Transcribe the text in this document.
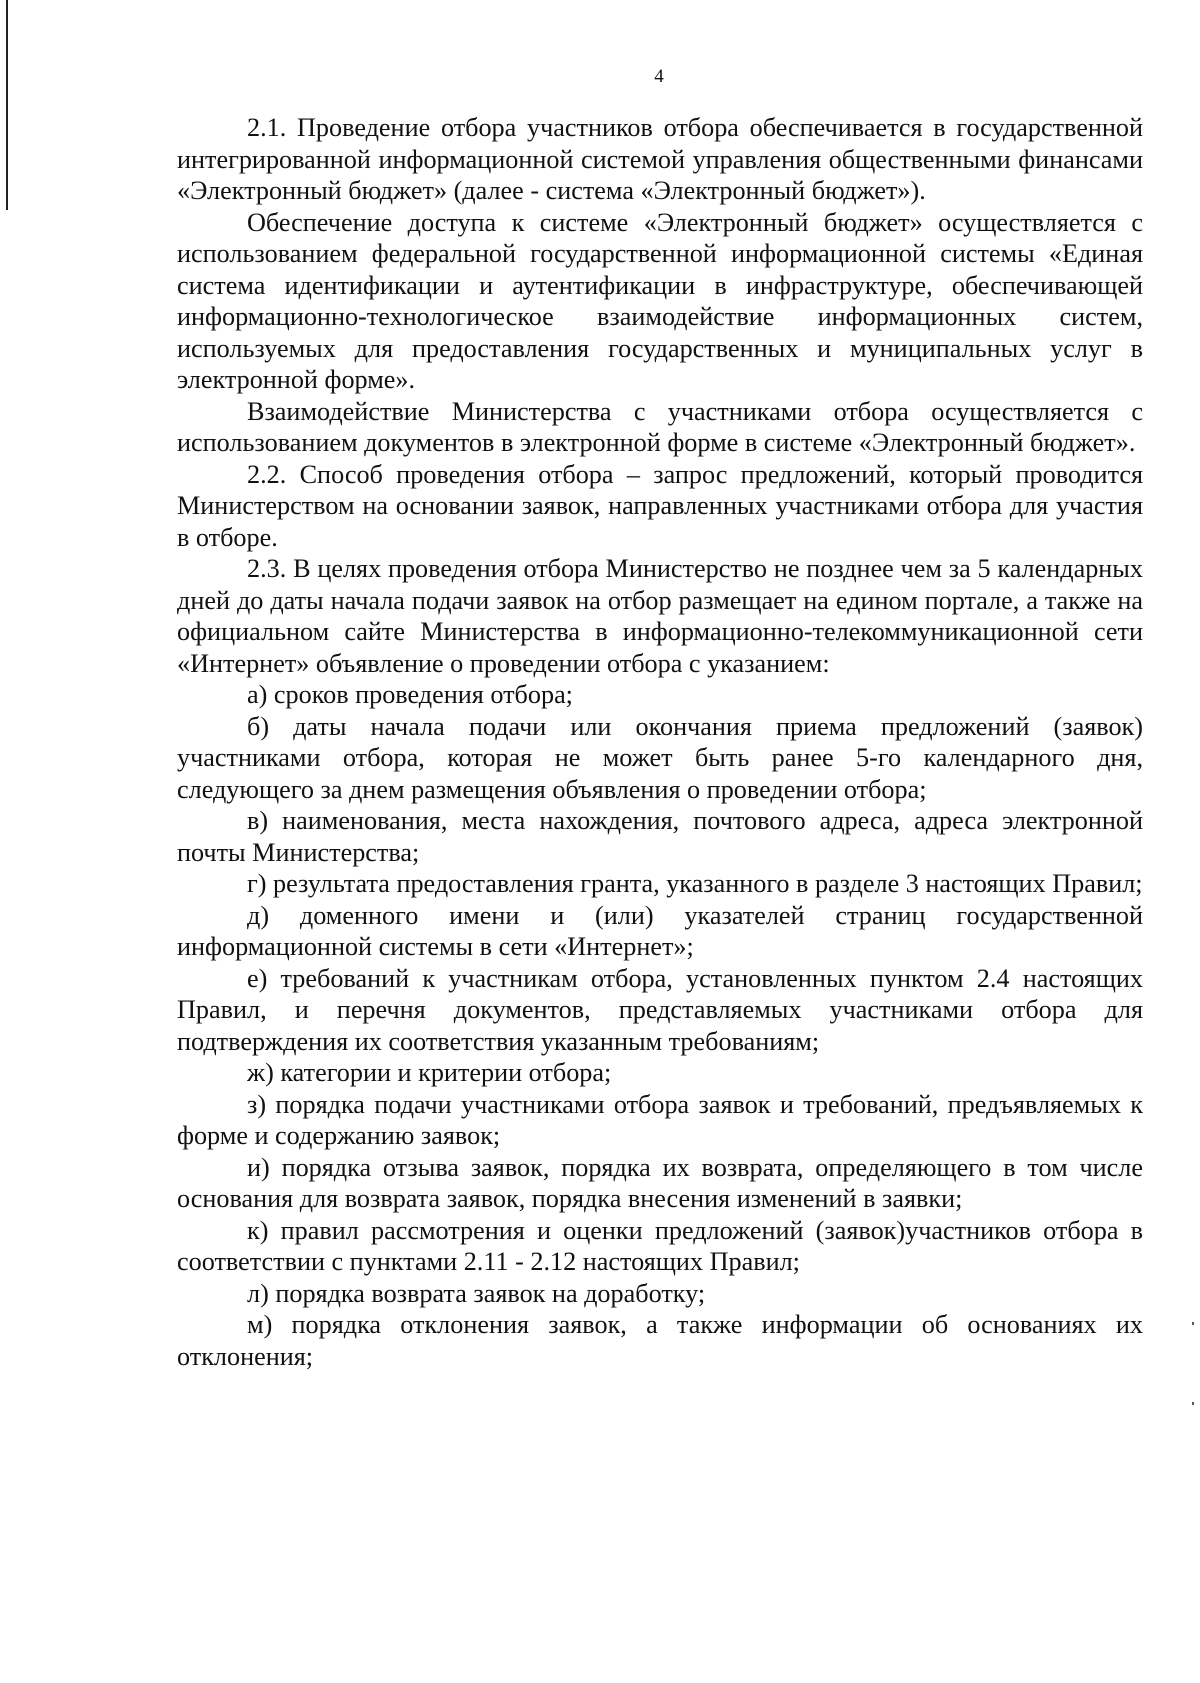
4

2.1. Проведение отбора участников отбора обеспечивается в государственной интегрированной информационной системой управления общественными финансами «Электронный бюджет» (далее - система «Электронный бюджет»).

Обеспечение доступа к системе «Электронный бюджет» осуществляется с использованием федеральной государственной информационной системы «Единая система идентификации и аутентификации в инфраструктуре, обеспечивающей информационно-технологическое взаимодействие информационных систем, используемых для предоставления государственных и муниципальных услуг в электронной форме».

Взаимодействие Министерства с участниками отбора осуществляется с использованием документов в электронной форме в системе «Электронный бюджет».

2.2. Способ проведения отбора – запрос предложений, который проводится Министерством на основании заявок, направленных участниками отбора для участия в отборе.

2.3. В целях проведения отбора Министерство не позднее чем за 5 календарных дней до даты начала подачи заявок на отбор размещает на едином портале, а также на официальном сайте Министерства в информационно-телекоммуникационной сети «Интернет» объявление о проведении отбора с указанием:

а) сроков проведения отбора;

б) даты начала подачи или окончания приема предложений (заявок) участниками отбора, которая не может быть ранее 5-го календарного дня, следующего за днем размещения объявления о проведении отбора;

в) наименования, места нахождения, почтового адреса, адреса электронной почты Министерства;

г) результата предоставления гранта, указанного в разделе 3 настоящих Правил;

д) доменного имени и (или) указателей страниц государственной информационной системы в сети «Интернет»;

е) требований к участникам отбора, установленных пунктом 2.4 настоящих Правил, и перечня документов, представляемых участниками отбора для подтверждения их соответствия указанным требованиям;

ж) категории и критерии отбора;

з) порядка подачи участниками отбора заявок и требований, предъявляемых к форме и содержанию заявок;

и) порядка отзыва заявок, порядка их возврата, определяющего в том числе основания для возврата заявок, порядка внесения изменений в заявки;

к) правил рассмотрения и оценки предложений (заявок)участников отбора в соответствии с пунктами 2.11 - 2.12 настоящих Правил;

л) порядка возврата заявок на доработку;

м) порядка отклонения заявок, а также информации об основаниях их отклонения;
